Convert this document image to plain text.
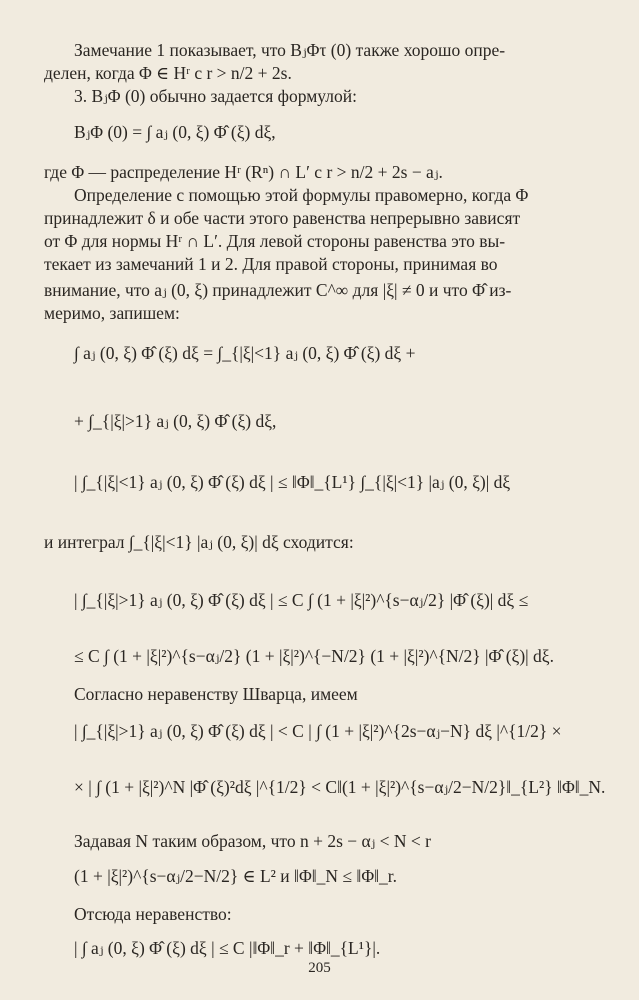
Замечание 1 показывает, что BⱼΦτ (0) также хорошо опре-
делен, когда Φ ∈ Hʳ с r > n/2 + 2s.
3. BⱼΦ (0) обычно задается формулой:
BⱼΦ (0) = ∫ aⱼ (0, ξ) Φ̂ (ξ) dξ,
где Φ — распределение Hʳ (Rⁿ) ∩ L′ с r > n/2 + 2s − aⱼ.
Определение с помощью этой формулы правомерно, когда Φ
принадлежит δ и обе части этого равенства непрерывно зависят
от Φ для нормы Hʳ ∩ L′. Для левой стороны равенства это вы-
текает из замечаний 1 и 2. Для правой стороны, принимая во
внимание, что aⱼ (0, ξ) принадлежит C^∞ для |ξ| ≠ 0 и что Φ̂ из-
меримо, запишем:
∫ aⱼ (0, ξ) Φ̂ (ξ) dξ = ∫_{|ξ|<1} aⱼ (0, ξ) Φ̂ (ξ) dξ +
+ ∫_{|ξ|>1} aⱼ (0, ξ) Φ̂ (ξ) dξ,
| ∫_{|ξ|<1} aⱼ (0, ξ) Φ̂ (ξ) dξ | ≤ ‖Φ‖_{L¹} ∫_{|ξ|<1} |aⱼ (0, ξ)| dξ
и интеграл ∫_{|ξ|<1} |aⱼ (0, ξ)| dξ сходится:
| ∫_{|ξ|>1} aⱼ (0, ξ) Φ̂ (ξ) dξ | ≤ C ∫ (1 + |ξ|²)^{s−αⱼ/2} |Φ̂ (ξ)| dξ ≤
≤ C ∫ (1 + |ξ|²)^{s−αⱼ/2} (1 + |ξ|²)^{−N/2} (1 + |ξ|²)^{N/2} |Φ̂ (ξ)| dξ.
Согласно неравенству Шварца, имеем
| ∫_{|ξ|>1} aⱼ (0, ξ) Φ̂ (ξ) dξ | < C | ∫ (1 + |ξ|²)^{2s−αⱼ−N} dξ |^{1/2} ×
× | ∫ (1 + |ξ|²)^N |Φ̂ (ξ)²dξ |^{1/2} < C‖(1 + |ξ|²)^{s−αⱼ/2−N/2}‖_{L²} ‖Φ‖_N.
Задавая N таким образом, что n + 2s − αⱼ < N < r
(1 + |ξ|²)^{s−αⱼ/2−N/2} ∈ L² и ‖Φ‖_N ≤ ‖Φ‖_r.
Отсюда неравенство:
| ∫ aⱼ (0, ξ) Φ̂ (ξ) dξ | ≤ C |‖Φ‖_r + ‖Φ‖_{L¹}|.
205
